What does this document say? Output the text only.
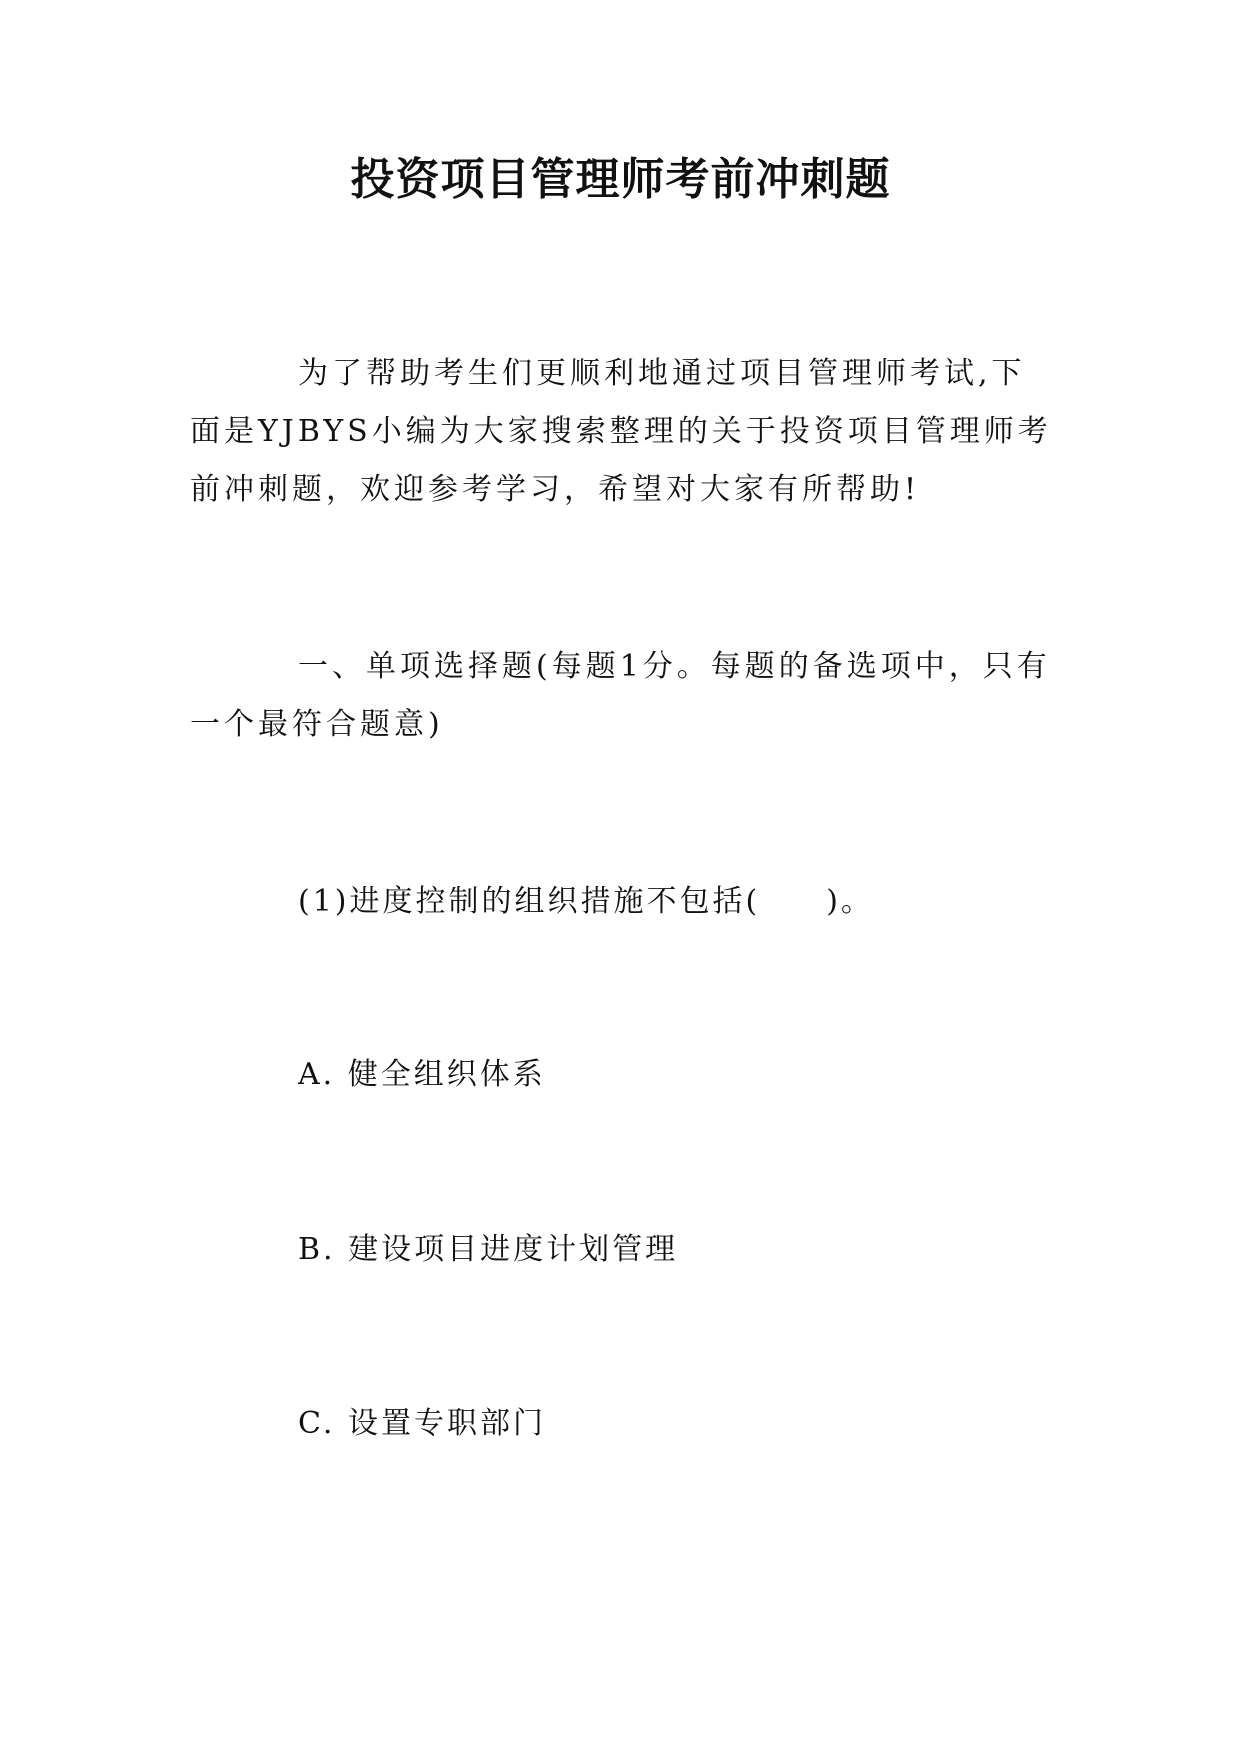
投资项目管理师考前冲刺题

为了帮助考生们更顺利地通过项目管理师考试,下面是YJBYS小编为大家搜索整理的关于投资项目管理师考前冲刺题，欢迎参考学习，希望对大家有所帮助!

一、单项选择题(每题1分。每题的备选项中，只有一个最符合题意)

(1)进度控制的组织措施不包括(　　)。

A. 健全组织体系

B. 建设项目进度计划管理

C. 设置专职部门
